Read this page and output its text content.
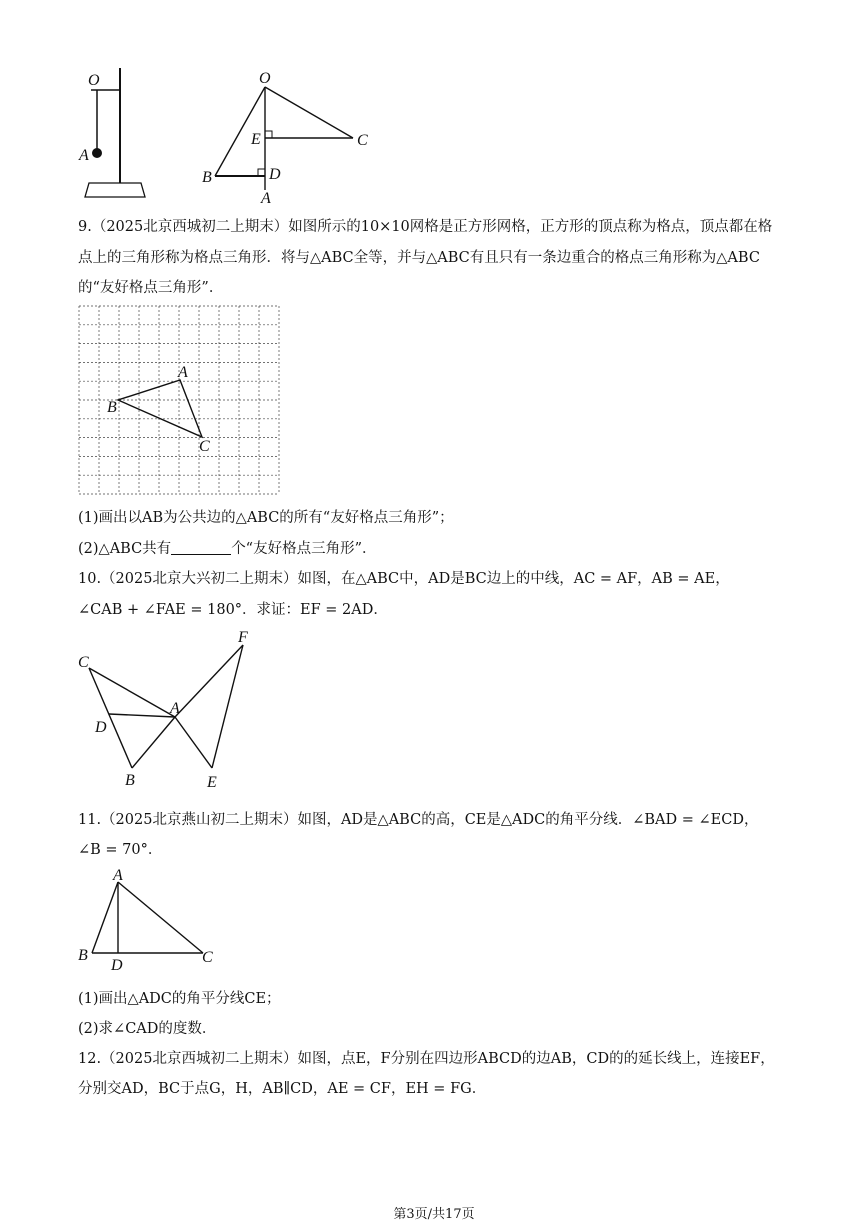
O
A
O
E	C
B	D
A
9.（2025北京西城初二上期末）如图所示的10×10网格是正方形网格，正方形的顶点称为格点，顶点都在格
点上的三角形称为格点三角形．将与△ABC全等，并与△ABC有且只有一条边重合的格点三角形称为△ABC
的“友好格点三角形”．
A
B
C
(1)画出以AB为公共边的△ABC的所有“友好格点三角形”；
(2)△ABC共有	个“友好格点三角形”．
10.（2025北京大兴初二上期末）如图，在△ABC中，AD是BC边上的中线，AC = AF，AB = AE，
∠CAB + ∠FAE = 180°．求证：EF = 2AD．
C
D
A
B
F
E
11.（2025北京燕山初二上期末）如图，AD是△ABC的高，CE是△ADC的角平分线．∠BAD = ∠ECD，
∠B = 70°．
A
B
D	C
(1)画出△ADC的角平分线CE；
(2)求∠CAD的度数．
12.（2025北京西城初二上期末）如图，点E，F分别在四边形ABCD的边AB，CD的的延长线上，连接EF，
分别交AD，BC于点G，H，AB∥CD，AE = CF，EH = FG．
第3页/共17页
